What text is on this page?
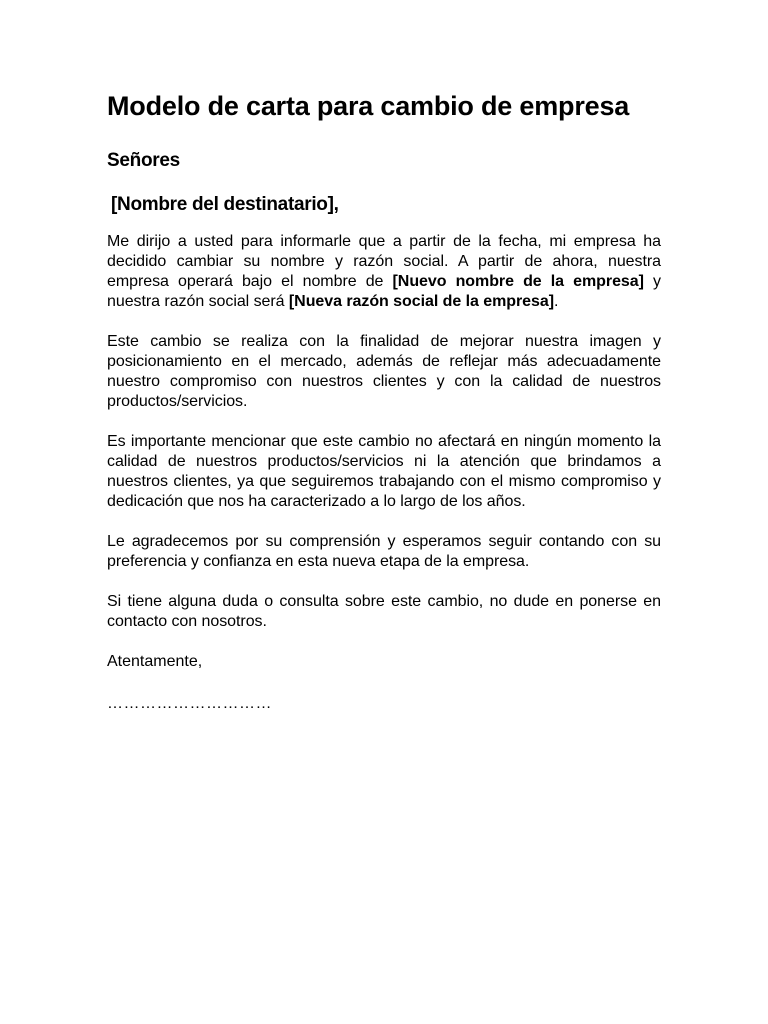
Modelo de carta para cambio de empresa
Señores
[Nombre del destinatario],

Me dirijo a usted para informarle que a partir de la fecha, mi empresa ha decidido cambiar su nombre y razón social. A partir de ahora, nuestra empresa operará bajo el nombre de [Nuevo nombre de la empresa] y nuestra razón social será [Nueva razón social de la empresa].

Este cambio se realiza con la finalidad de mejorar nuestra imagen y posicionamiento en el mercado, además de reflejar más adecuadamente nuestro compromiso con nuestros clientes y con la calidad de nuestros productos/servicios.

Es importante mencionar que este cambio no afectará en ningún momento la calidad de nuestros productos/servicios ni la atención que brindamos a nuestros clientes, ya que seguiremos trabajando con el mismo compromiso y dedicación que nos ha caracterizado a lo largo de los años.

Le agradecemos por su comprensión y esperamos seguir contando con su preferencia y confianza en esta nueva etapa de la empresa.

Si tiene alguna duda o consulta sobre este cambio, no dude en ponerse en contacto con nosotros.

Atentamente,

…………………………
